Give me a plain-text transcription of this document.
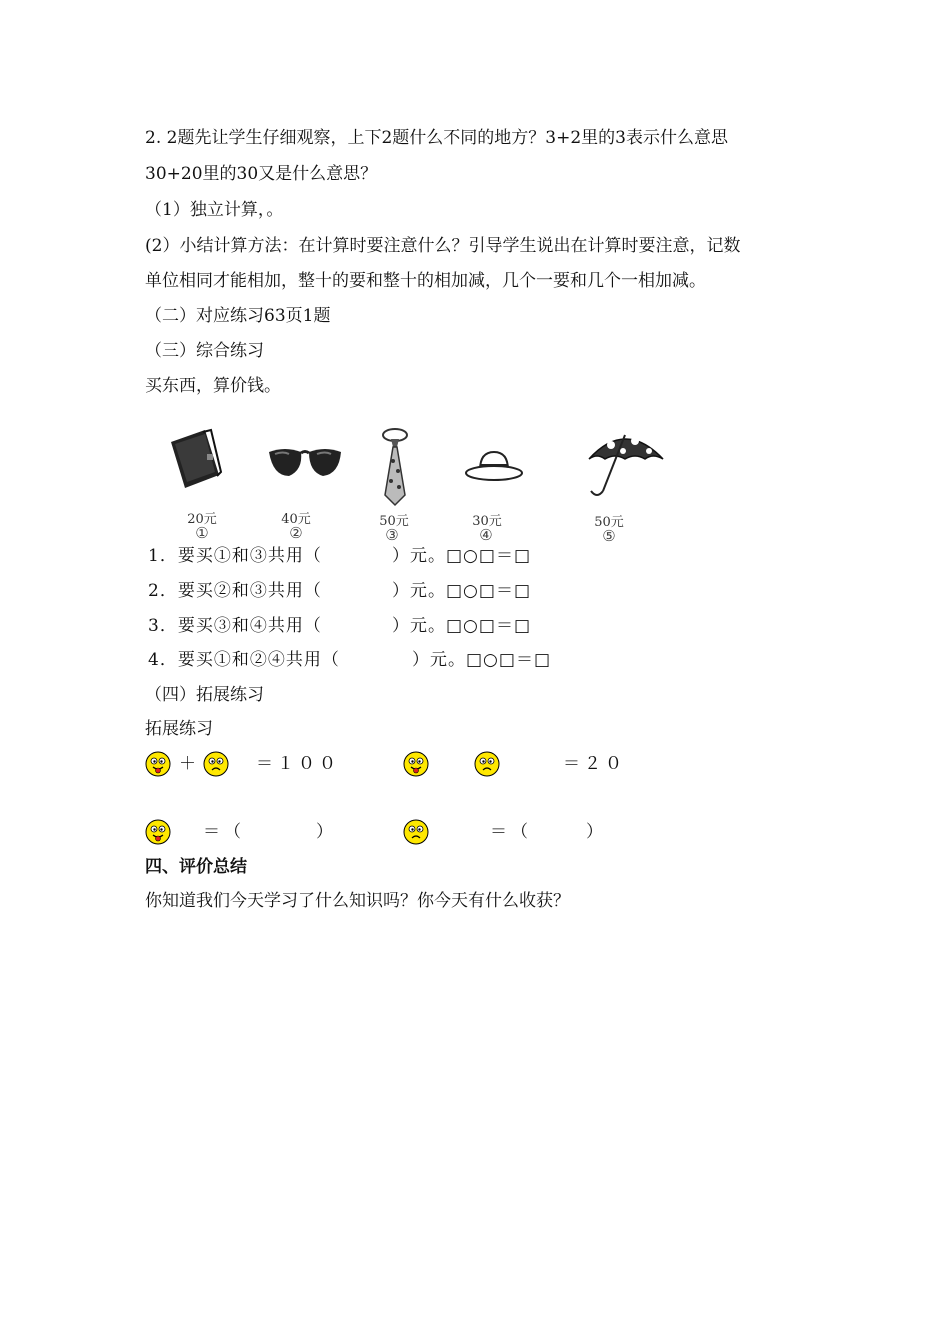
2. 2题先让学生仔细观察，上下2题什么不同的地方？3+2里的3表示什么意思
30+20里的30又是什么意思？
（1）独立计算，。
(2）小结计算方法：在计算时要注意什么？引导学生说出在计算时要注意，记数
单位相同才能相加，整十的要和整十的相加减，几个一要和几个一相加减。
（二）对应练习63页1题
（三）综合练习
买东西，算价钱。
20元	40元	50元	30元	50元
①	②	③	④	⑤
1．要买①和③共用（	）元。□○□＝□
2．要买②和③共用（	）元。□○□＝□
3．要买③和④共用（	）元。□○□＝□
4．要买①和②④共用（	）元。□○□＝□
（四）拓展练习
拓展练习
＋	＝１００	＝２０
＝（	）	＝（	）
四、评价总结
你知道我们今天学习了什么知识吗？你今天有什么收获？
